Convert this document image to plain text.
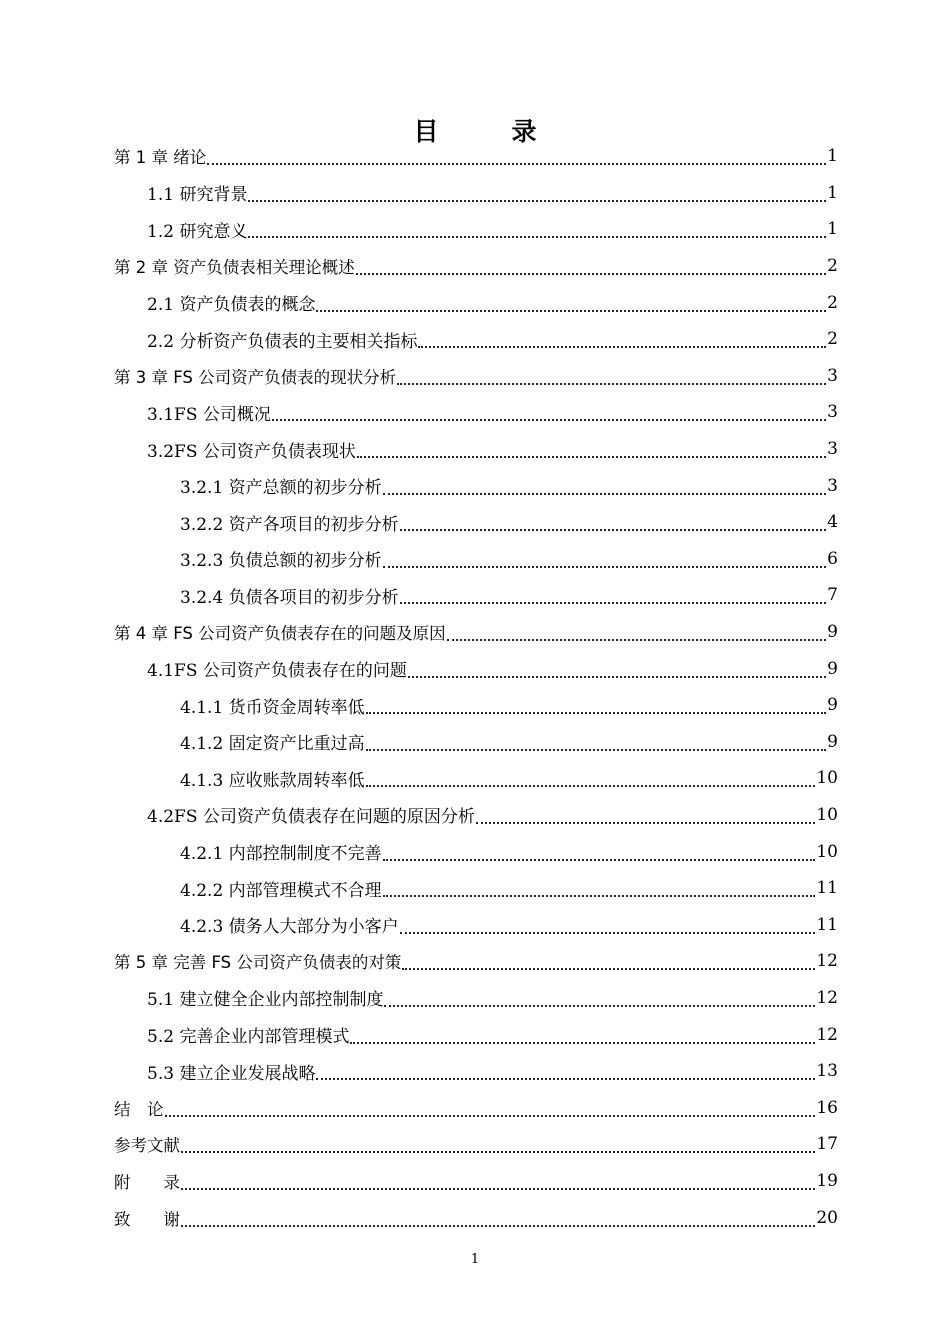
目　录
第 1 章 绪论	1
1.1 研究背景	1
1.2 研究意义	1
第 2 章 资产负债表相关理论概述	2
2.1 资产负债表的概念	2
2.2 分析资产负债表的主要相关指标	2
第 3 章 FS 公司资产负债表的现状分析	3
3.1FS 公司概况	3
3.2FS 公司资产负债表现状	3
3.2.1 资产总额的初步分析	3
3.2.2 资产各项目的初步分析	4
3.2.3 负债总额的初步分析	6
3.2.4 负债各项目的初步分析	7
第 4 章 FS 公司资产负债表存在的问题及原因	9
4.1FS 公司资产负债表存在的问题	9
4.1.1 货币资金周转率低	9
4.1.2 固定资产比重过高	9
4.1.3 应收账款周转率低	10
4.2FS 公司资产负债表存在问题的原因分析	10
4.2.1 内部控制制度不完善	10
4.2.2 内部管理模式不合理	11
4.2.3 债务人大部分为小客户	11
第 5 章 完善 FS 公司资产负债表的对策	12
5.1 建立健全企业内部控制制度	12
5.2 完善企业内部管理模式	12
5.3 建立企业发展战略	13
结　论	16
参考文献	17
附　　录	19
致　　谢	20
1
